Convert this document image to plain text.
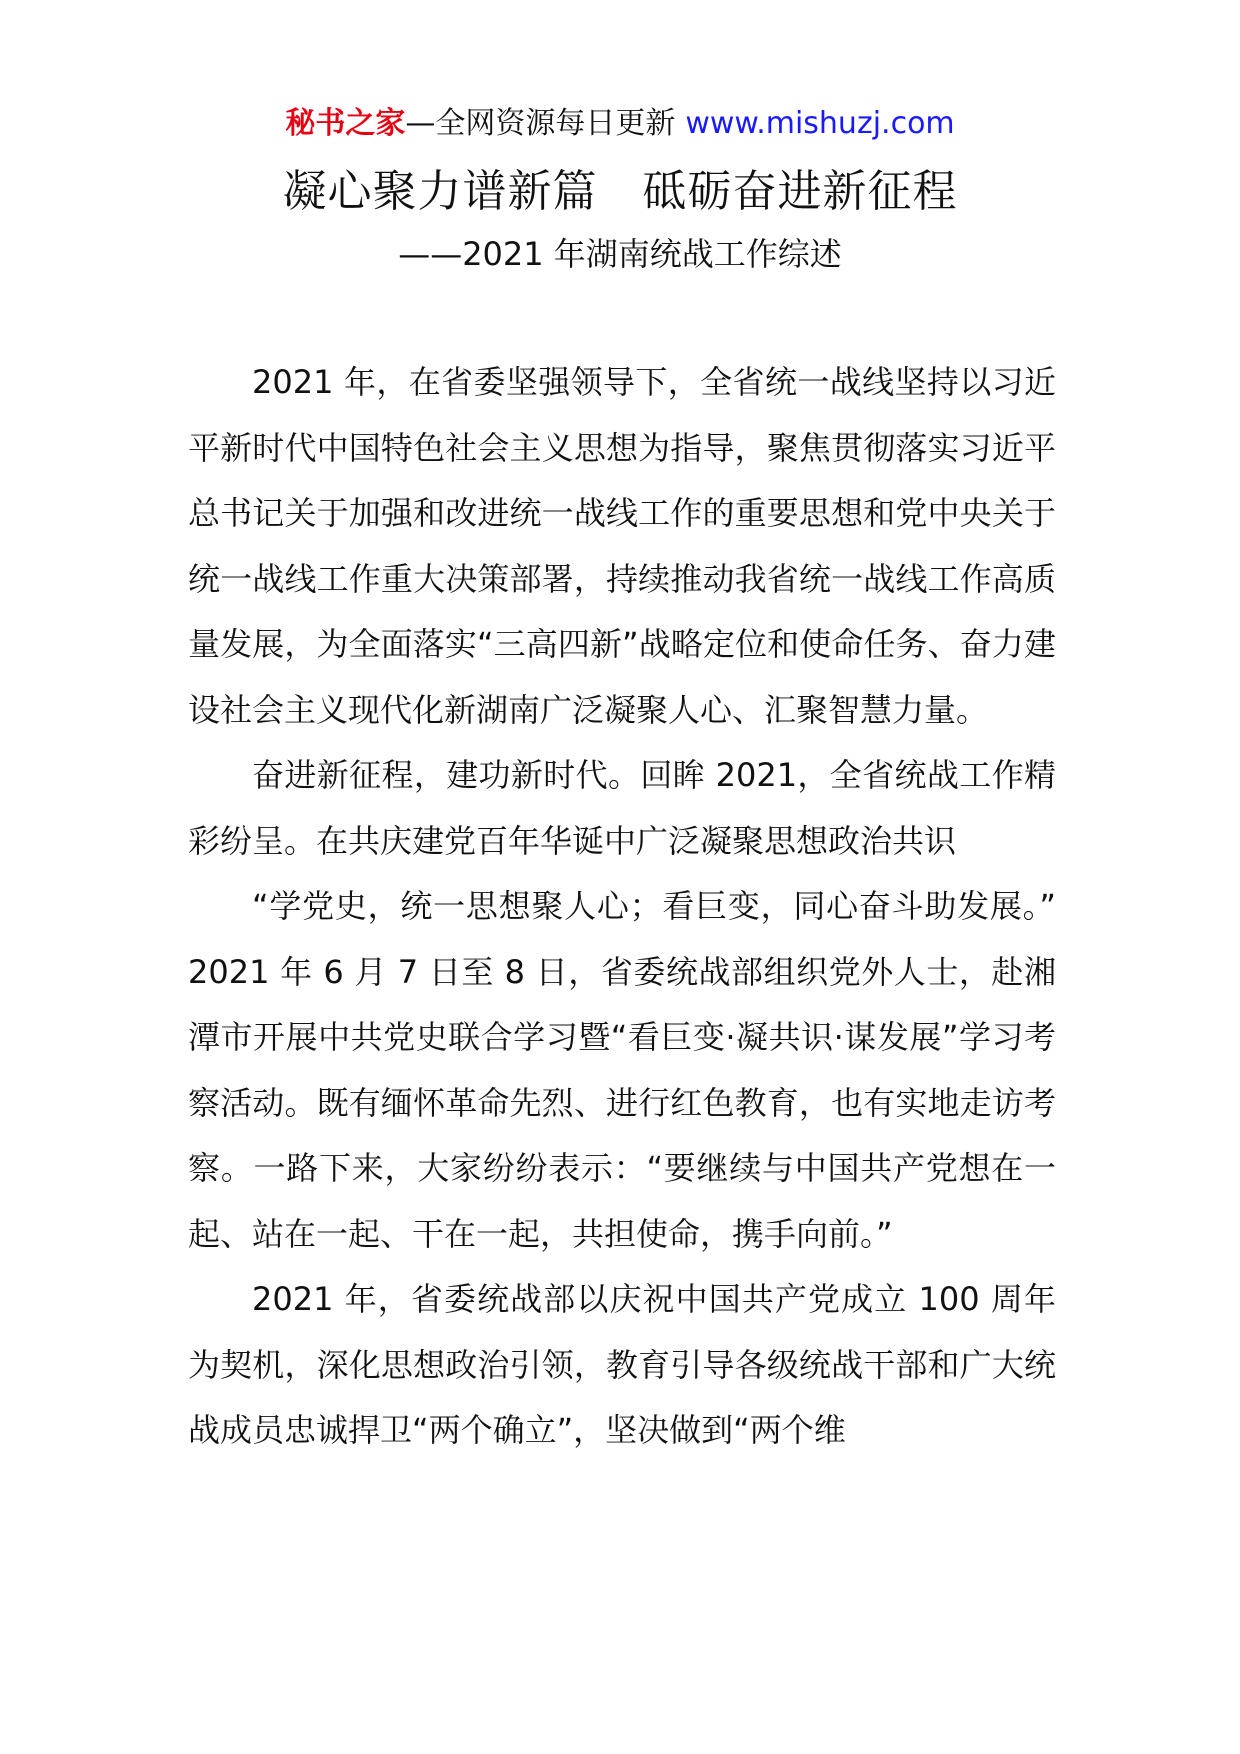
秘书之家—全网资源每日更新 www.mishuzj.com
凝心聚力谱新篇　砥砺奋进新征程
——2021 年湖南统战工作综述

2021 年，在省委坚强领导下，全省统一战线坚持以习近平新时代中国特色社会主义思想为指导，聚焦贯彻落实习近平总书记关于加强和改进统一战线工作的重要思想和党中央关于统一战线工作重大决策部署，持续推动我省统一战线工作高质量发展，为全面落实“三高四新”战略定位和使命任务、奋力建设社会主义现代化新湖南广泛凝聚人心、汇聚智慧力量。

奋进新征程，建功新时代。回眸 2021，全省统战工作精彩纷呈。在共庆建党百年华诞中广泛凝聚思想政治共识

“学党史，统一思想聚人心；看巨变，同心奋斗助发展。” 2021 年 6 月 7 日至 8 日，省委统战部组织党外人士，赴湘潭市开展中共党史联合学习暨“看巨变·凝共识·谋发展”学习考察活动。既有缅怀革命先烈、进行红色教育，也有实地走访考察。一路下来，大家纷纷表示：“要继续与中国共产党想在一起、站在一起、干在一起，共担使命，携手向前。”

2021 年，省委统战部以庆祝中国共产党成立 100 周年为契机，深化思想政治引领，教育引导各级统战干部和广大统战成员忠诚捍卫“两个确立”，坚决做到“两个维
